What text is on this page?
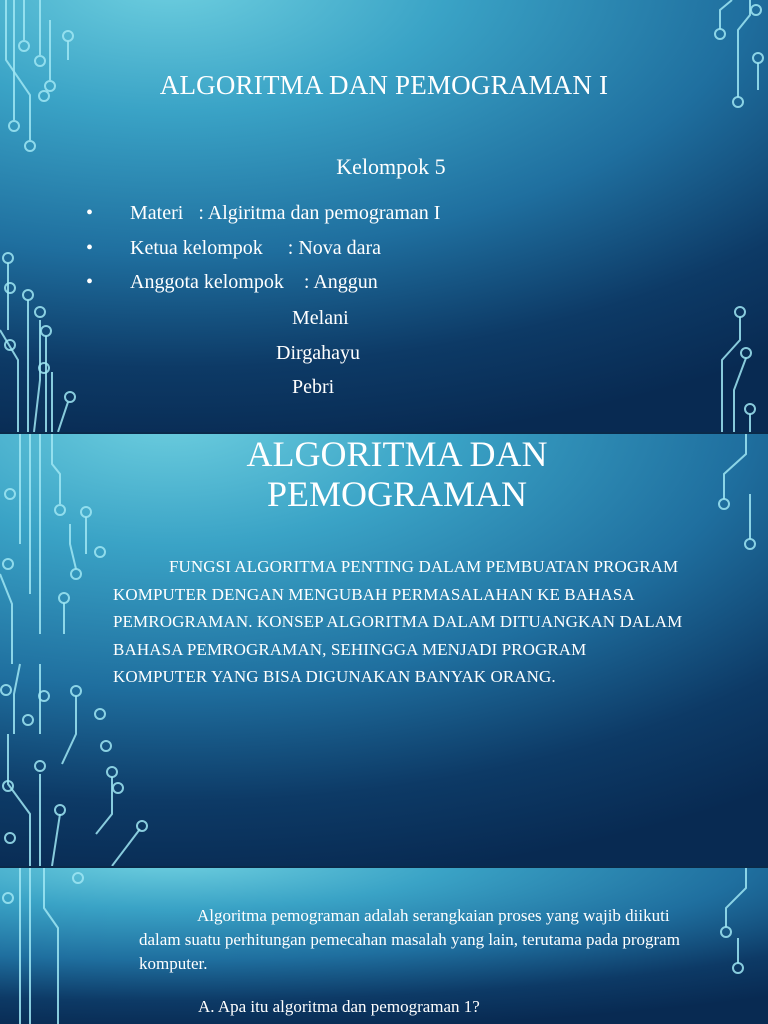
ALGORITMA DAN PEMOGRAMAN I
Kelompok 5

•

Materi   : Algiritma dan pemograman I

•

Ketua kelompok     : Nova dara

•

Anggota kelompok    : Anggun

Melani
Dirgahayu
Pebri
ALGORITMA DAN
PEMOGRAMAN
FUNGSI ALGORITMA PENTING DALAM PEMBUATAN PROGRAM KOMPUTER DENGAN MENGUBAH PERMASALAHAN KE BAHASA PEMROGRAMAN. KONSEP ALGORITMA DALAM DITUANGKAN DALAM BAHASA PEMROGRAMAN, SEHINGGA MENJADI PROGRAM KOMPUTER YANG BISA DIGUNAKAN BANYAK ORANG.
Algoritma pemograman adalah serangkaian proses yang wajib diikuti dalam suatu perhitungan pemecahan masalah yang lain, terutama pada program komputer.
A. Apa itu algoritma dan pemograman 1?
